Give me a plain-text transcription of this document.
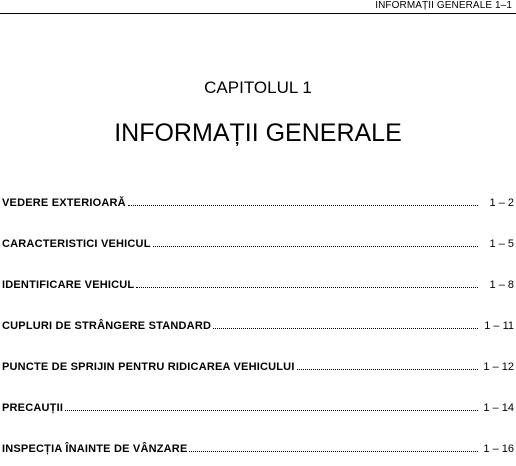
INFORMAȚII GENERALE 1–1
CAPITOLUL 1
INFORMAȚII GENERALE
VEDERE EXTERIOARĂ	1 – 2
CARACTERISTICI VEHICUL	1 – 5
IDENTIFICARE VEHICUL	1 – 8
CUPLURI DE STRÂNGERE STANDARD	1 – 11
PUNCTE DE SPRIJIN PENTRU RIDICAREA VEHICULUI	1 – 12
PRECAUȚII	1 – 14
INSPECȚIA ÎNAINTE DE VÂNZARE	1 – 16
